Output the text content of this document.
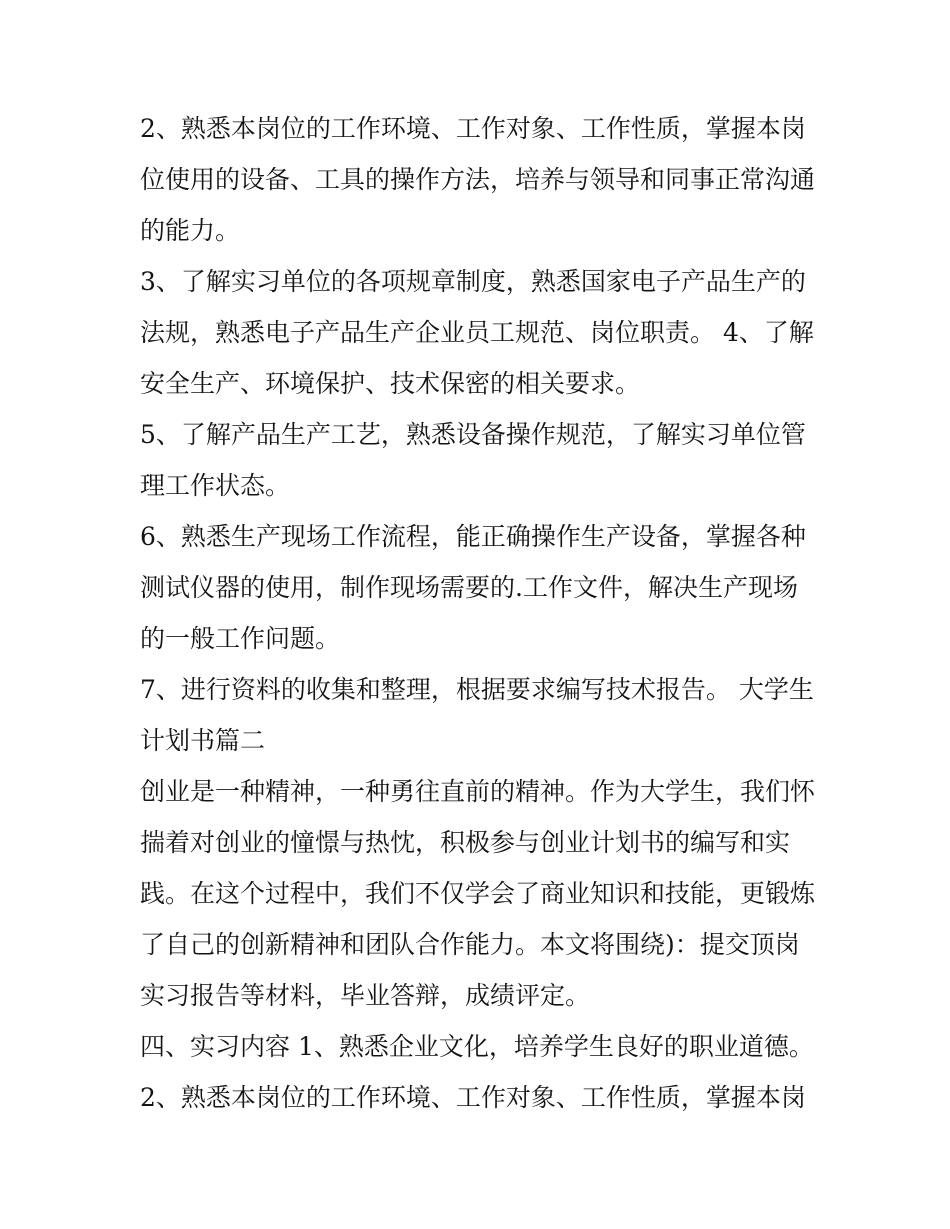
2、熟悉本岗位的工作环境、工作对象、工作性质，掌握本岗
位使用的设备、工具的操作方法，培养与领导和同事正常沟通
的能力。
3、了解实习单位的各项规章制度，熟悉国家电子产品生产的
法规，熟悉电子产品生产企业员工规范、岗位职责。 4、了解
安全生产、环境保护、技术保密的相关要求。
5、了解产品生产工艺，熟悉设备操作规范，了解实习单位管
理工作状态。
6、熟悉生产现场工作流程，能正确操作生产设备，掌握各种
测试仪器的使用，制作现场需要的.工作文件，解决生产现场
的一般工作问题。
7、进行资料的收集和整理，根据要求编写技术报告。 大学生
计划书篇二
创业是一种精神，一种勇往直前的精神。作为大学生，我们怀
揣着对创业的憧憬与热忱，积极参与创业计划书的编写和实
践。在这个过程中，我们不仅学会了商业知识和技能，更锻炼
了自己的创新精神和团队合作能力。本文将围绕)：提交顶岗
实习报告等材料，毕业答辩，成绩评定。
四、实习内容 1、熟悉企业文化，培养学生良好的职业道德。
2、熟悉本岗位的工作环境、工作对象、工作性质，掌握本岗
